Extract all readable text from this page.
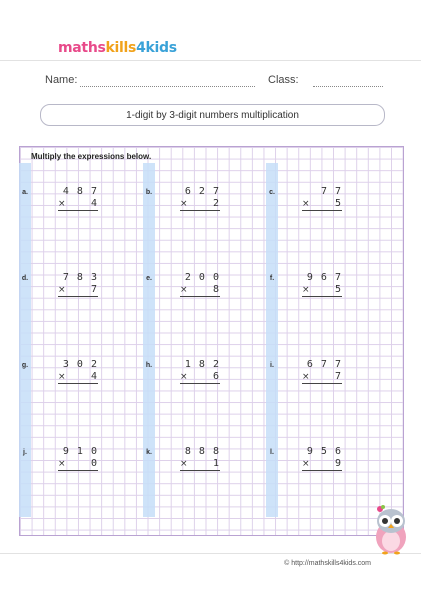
mathskills4kids
Name:	Class:
1-digit by 3-digit numbers multiplication
Multiply the expressions below.
a.	4 8 7
× 4
b.	6 2 7
× 2
c.	7 7
× 5
d.	7 8 3
× 7
e.	2 0 0
× 8
f.	9 6 7
× 5
g.	3 0 2
× 4
h.	1 8 2
× 6
i.	6 7 7
× 7
j.	9 1 0
× 0
k.	8 8 8
× 1
l.	9 5 6
× 9
© http://mathskills4kids.com
